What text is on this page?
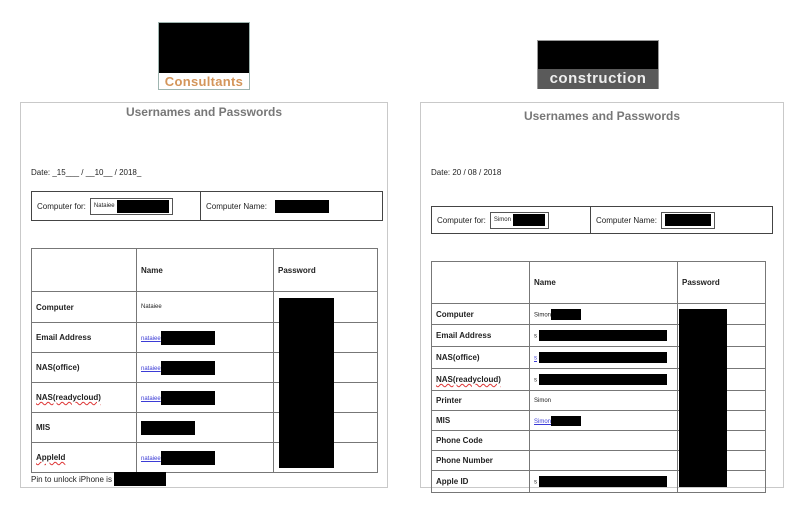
Consultants	construction
Usernames and Passwords
Date: _15___ / __10__ / 2018_
Computer for: Nataiee	Computer Name:
	Name	Password
Computer	Nataiee	
Email Address	nataiee	
NAS(office)	nataiee	
NAS(readycloud)	nataiee	
MIS		
AppleId	nataiee	
Pin to unlock iPhone is
Usernames and Passwords
Date: 20 / 08 / 2018
Computer for: Simon	Computer Name:
	Name	Password
Computer	Simon	
Email Address	s	
NAS(office)	s	
NAS(readycloud)	s	
Printer	Simon	
MIS	Simon	
Phone Code		
Phone Number		
Apple ID	s	
